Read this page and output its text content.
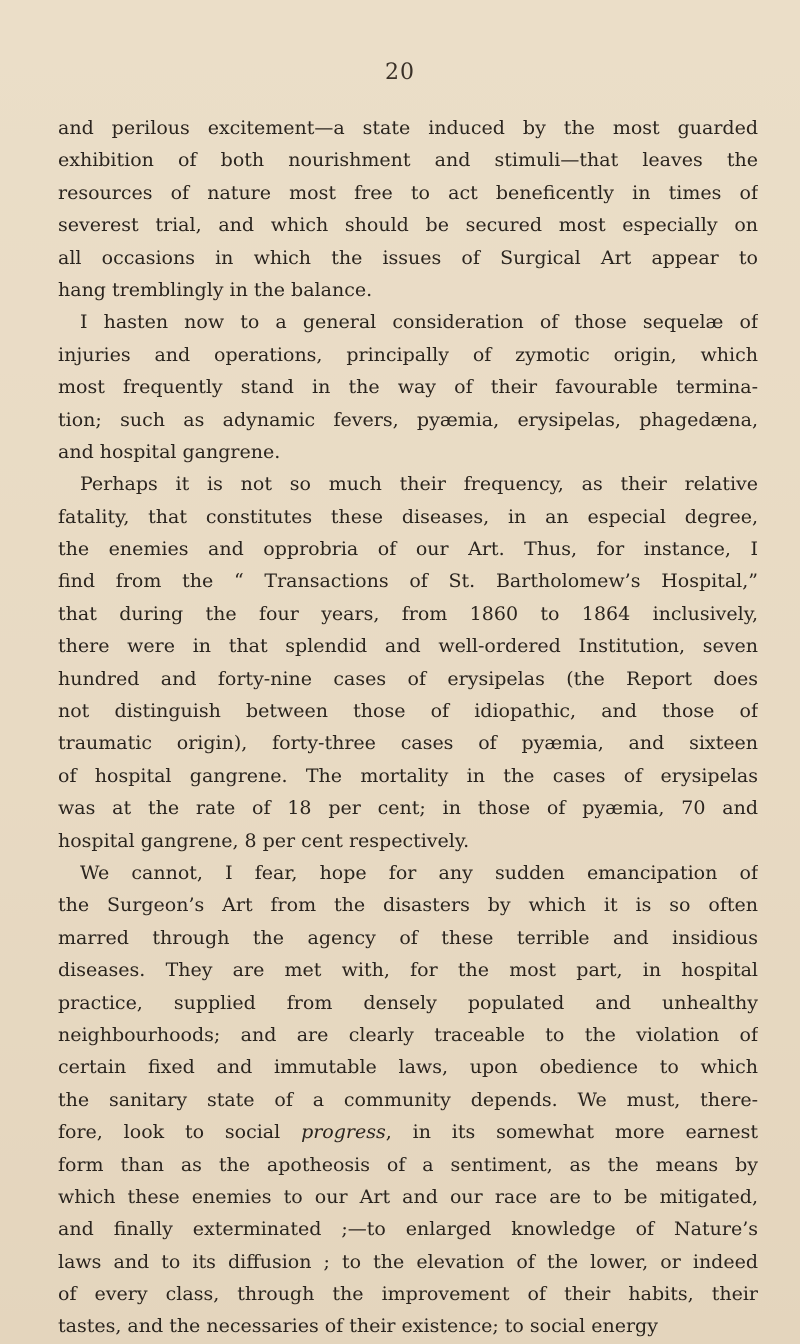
20
and perilous excitement—a state induced by the most guarded
exhibition of both nourishment and stimuli—that leaves the
resources of nature most free to act beneficently in times of
severest trial, and which should be secured most especially on
all occasions in which the issues of Surgical Art appear to
hang tremblingly in the balance.
I hasten now to a general consideration of those sequelæ of
injuries and operations, principally of zymotic origin, which
most frequently stand in the way of their favourable termina-
tion; such as adynamic fevers, pyæmia, erysipelas, phagedæna,
and hospital gangrene.
Perhaps it is not so much their frequency, as their relative
fatality, that constitutes these diseases, in an especial degree,
the enemies and opprobria of our Art. Thus, for instance, I
find from the “ Transactions of St. Bartholomew’s Hospital,”
that during the four years, from 1860 to 1864 inclusively,
there were in that splendid and well-ordered Institution, seven
hundred and forty-nine cases of erysipelas (the Report does
not distinguish between those of idiopathic, and those of
traumatic origin), forty-three cases of pyæmia, and sixteen
of hospital gangrene. The mortality in the cases of erysipelas
was at the rate of 18 per cent; in those of pyæmia, 70 and
hospital gangrene, 8 per cent respectively.
We cannot, I fear, hope for any sudden emancipation of
the Surgeon’s Art from the disasters by which it is so often
marred through the agency of these terrible and insidious
diseases. They are met with, for the most part, in hospital
practice, supplied from densely populated and unhealthy
neighbourhoods; and are clearly traceable to the violation of
certain fixed and immutable laws, upon obedience to which
the sanitary state of a community depends. We must, there-
fore, look to social progress, in its somewhat more earnest
form than as the apotheosis of a sentiment, as the means by
which these enemies to our Art and our race are to be mitigated,
and finally exterminated ;—to enlarged knowledge of Nature’s
laws and to its diffusion ; to the elevation of the lower, or indeed
of every class, through the improvement of their habits, their
tastes, and the necessaries of their existence; to social energy
